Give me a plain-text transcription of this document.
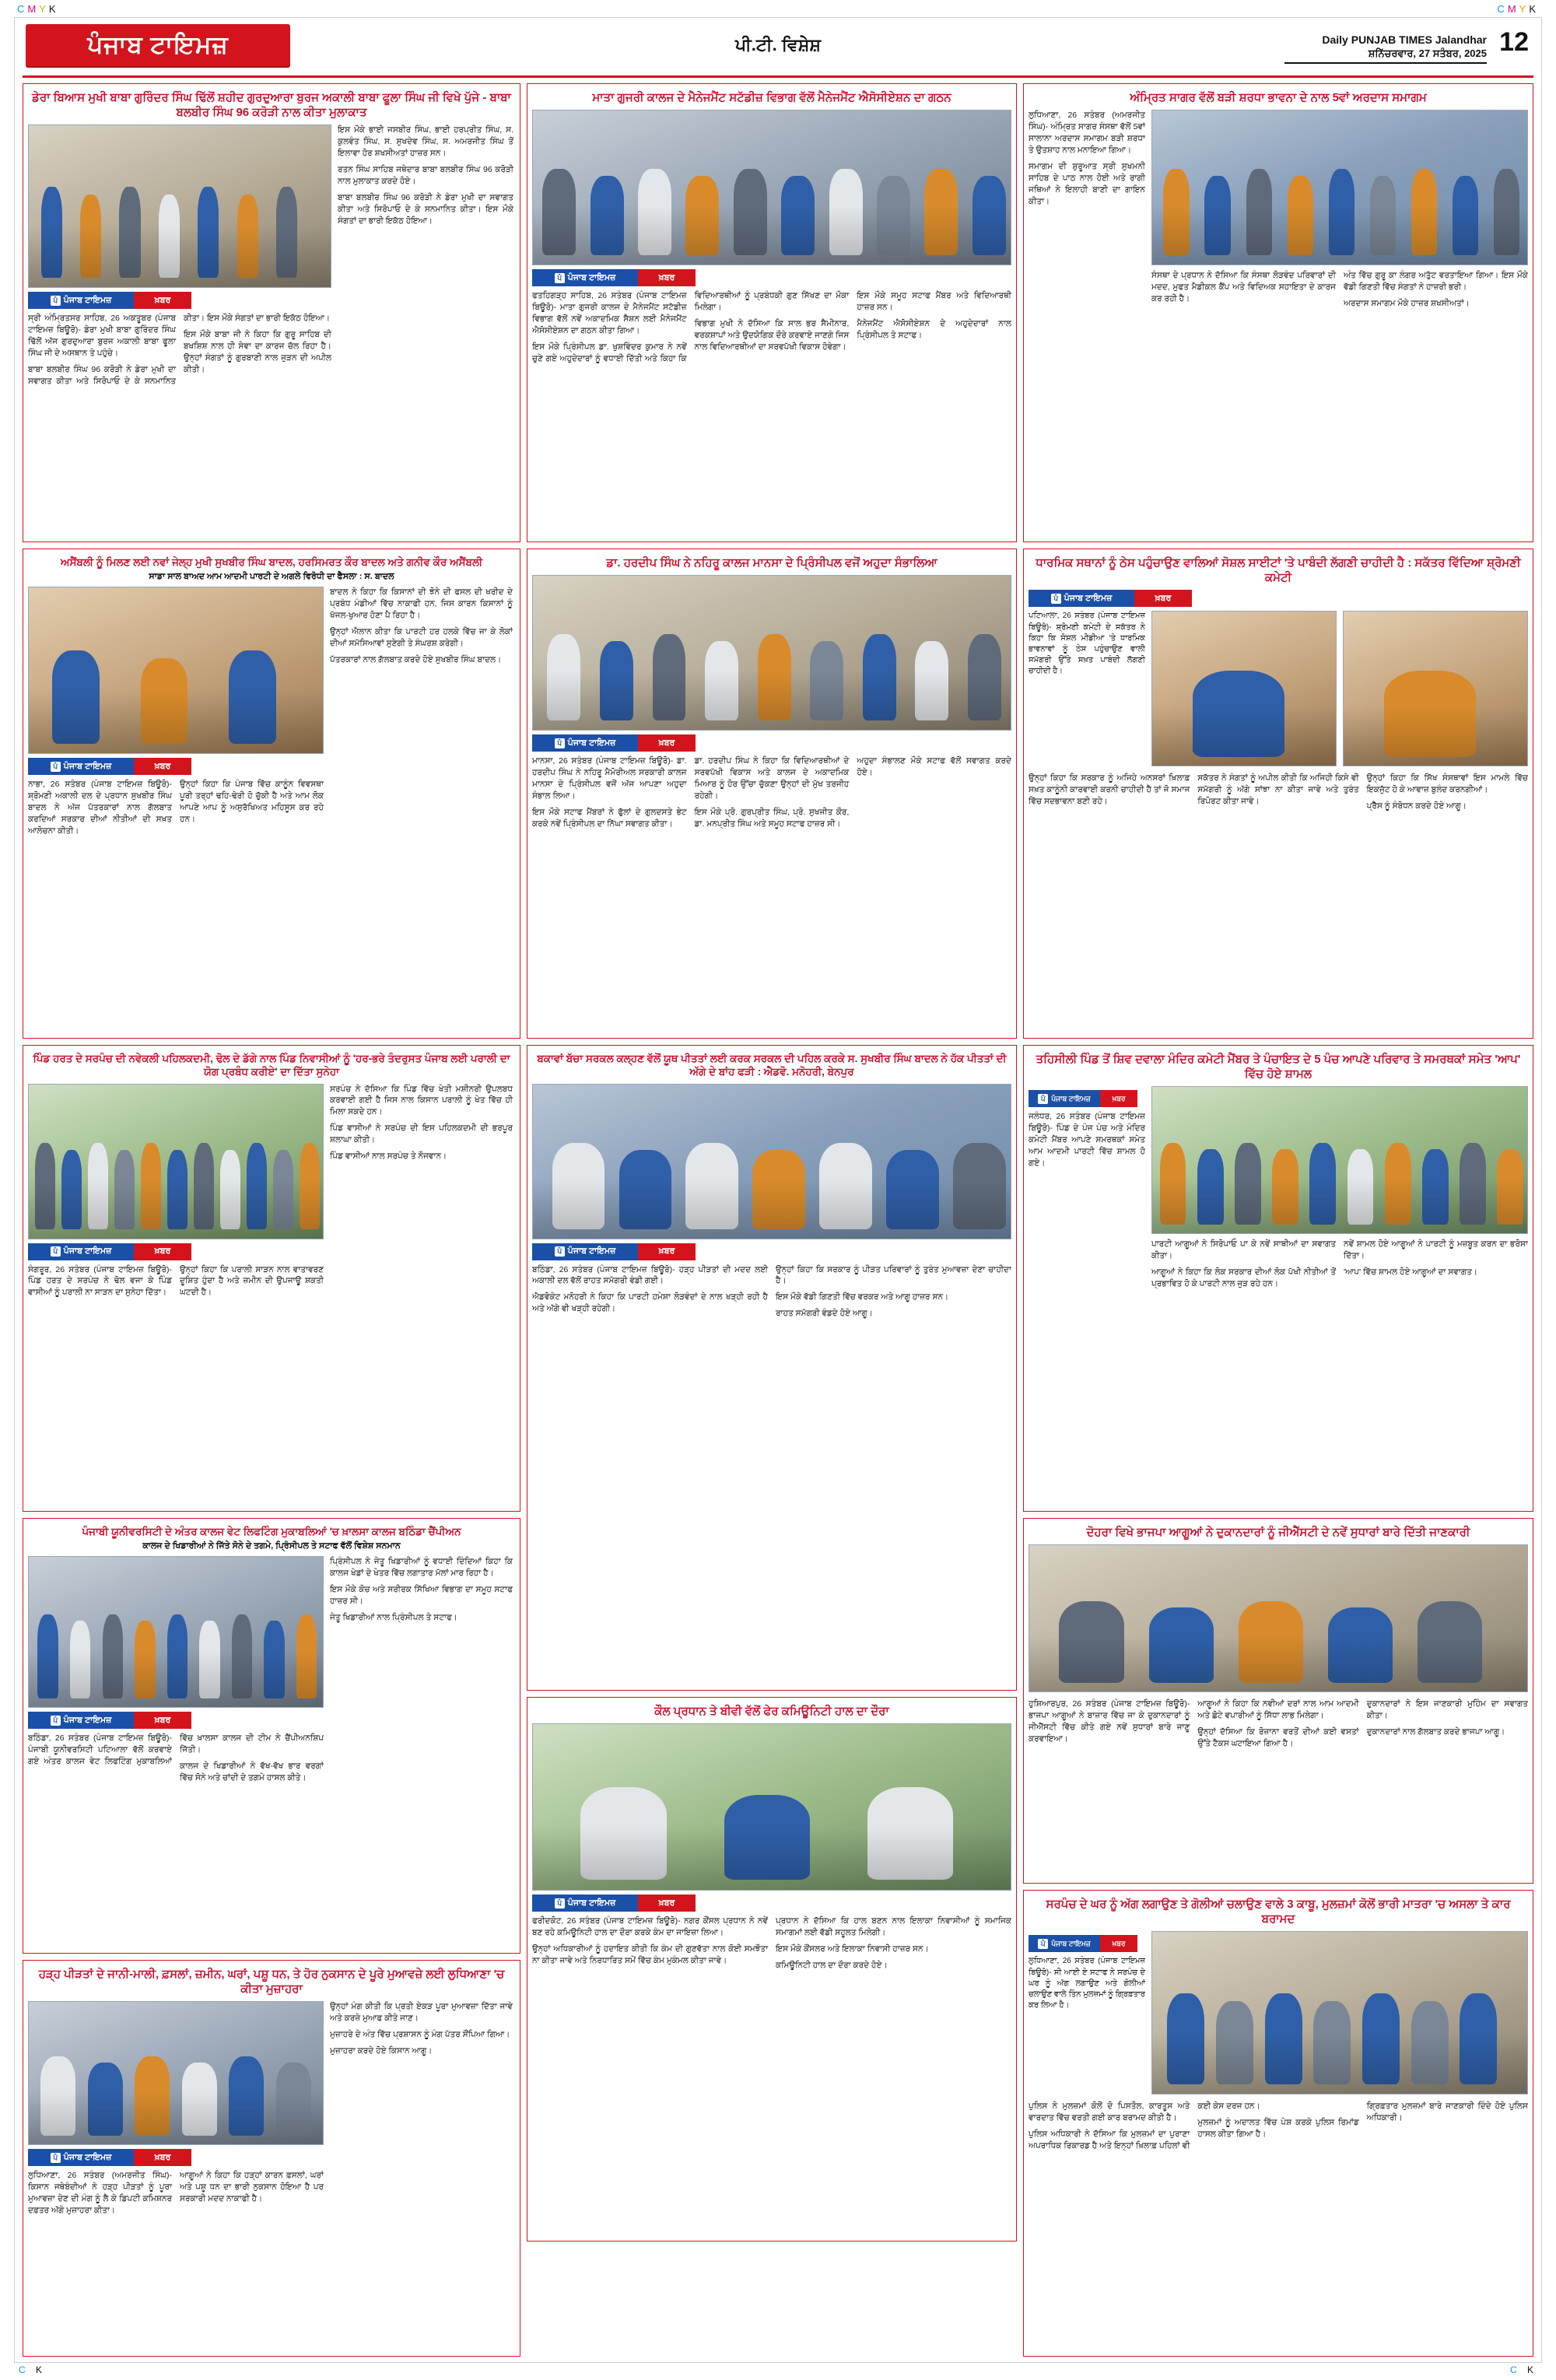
CMYK	CMYK
C K	C K
ਪੰਜਾਬ ਟਾਇਮਜ਼	ਪੀ.ਟੀ. ਵਿਸ਼ੇਸ਼	Daily PUNJAB TIMES Jalandhar
ਸ਼ਨਿੱਚਰਵਾਰ, 27 ਸਤੰਬਰ, 2025 12
ਡੇਰਾ ਬਿਆਸ ਮੁਖੀ ਬਾਬਾ ਗੁਰਿੰਦਰ ਸਿੰਘ ਢਿੱਲੋਂ ਸ਼ਹੀਦ ਗੁਰਦੁਆਰਾ ਬੁਰਜ ਅਕਾਲੀ ਬਾਬਾ ਫੂਲਾ ਸਿੰਘ ਜੀ ਵਿਖੇ ਪੁੱਜੇ - ਬਾਬਾ ਬਲਬੀਰ ਸਿੰਘ 96 ਕਰੋੜੀ ਨਾਲ ਕੀਤਾ ਮੁਲਾਕਾਤ
ਪੰ ਪੰਜਾਬ ਟਾਇਮਜ਼	ਖ਼ਬਰ

ਸ੍ਰੀ ਅੰਮ੍ਰਿਤਸਰ ਸਾਹਿਬ, 26 ਅਕਤੂਬਰ (ਪੰਜਾਬ ਟਾਇਮਜ਼ ਬਿਊਰੋ)- ਡੇਰਾ ਮੁਖੀ ਬਾਬਾ ਗੁਰਿੰਦਰ ਸਿੰਘ ਢਿੱਲੋਂ ਅੱਜ ਗੁਰਦੁਆਰਾ ਬੁਰਜ ਅਕਾਲੀ ਬਾਬਾ ਫੂਲਾ ਸਿੰਘ ਜੀ ਦੇ ਅਸਥਾਨ ਤੇ ਪਹੁੰਚੇ।

ਬਾਬਾ ਬਲਬੀਰ ਸਿੰਘ 96 ਕਰੋੜੀ ਨੇ ਡੇਰਾ ਮੁਖੀ ਦਾ ਸਵਾਗਤ ਕੀਤਾ ਅਤੇ ਸਿਰੋਪਾਓ ਦੇ ਕੇ ਸਨਮਾਨਿਤ ਕੀਤਾ। ਇਸ ਮੌਕੇ ਸੰਗਤਾਂ ਦਾ ਭਾਰੀ ਇਕੱਠ ਹੋਇਆ।

ਇਸ ਮੌਕੇ ਬਾਬਾ ਜੀ ਨੇ ਕਿਹਾ ਕਿ ਗੁਰੂ ਸਾਹਿਬ ਦੀ ਬਖਸ਼ਿਸ਼ ਨਾਲ ਹੀ ਸੇਵਾ ਦਾ ਕਾਰਜ ਚੱਲ ਰਿਹਾ ਹੈ। ਉਨ੍ਹਾਂ ਸੰਗਤਾਂ ਨੂੰ ਗੁਰਬਾਣੀ ਨਾਲ ਜੁੜਨ ਦੀ ਅਪੀਲ ਕੀਤੀ।

ਇਸ ਮੌਕੇ ਭਾਈ ਜਸਬੀਰ ਸਿੰਘ, ਭਾਈ ਹਰਪ੍ਰੀਤ ਸਿੰਘ, ਸ. ਕੁਲਵੰਤ ਸਿੰਘ, ਸ. ਸੁਖਦੇਵ ਸਿੰਘ, ਸ. ਅਮਰਜੀਤ ਸਿੰਘ ਤੋਂ ਇਲਾਵਾ ਹੋਰ ਸ਼ਖਸੀਅਤਾਂ ਹਾਜ਼ਰ ਸਨ।

ਰਤਨ ਸਿੰਘ ਸਾਹਿਬ ਜਥੇਦਾਰ ਬਾਬਾ ਬਲਬੀਰ ਸਿੰਘ 96 ਕਰੋੜੀ ਨਾਲ ਮੁਲਾਕਾਤ ਕਰਦੇ ਹੋਏ।

ਬਾਬਾ ਬਲਬੀਰ ਸਿੰਘ 96 ਕਰੋੜੀ ਨੇ ਡੇਰਾ ਮੁਖੀ ਦਾ ਸਵਾਗਤ ਕੀਤਾ ਅਤੇ ਸਿਰੋਪਾਓ ਦੇ ਕੇ ਸਨਮਾਨਿਤ ਕੀਤਾ। ਇਸ ਮੌਕੇ ਸੰਗਤਾਂ ਦਾ ਭਾਰੀ ਇਕੱਠ ਹੋਇਆ।

ਮਾਤਾ ਗੁਜਰੀ ਕਾਲਜ ਦੇ ਮੈਨੇਜਮੈਂਟ ਸਟੱਡੀਜ਼ ਵਿਭਾਗ ਵੱਲੋਂ ਮੈਨੇਜਮੈਂਟ ਐਸੋਸੀਏਸ਼ਨ ਦਾ ਗਠਨ
ਪੰ ਪੰਜਾਬ ਟਾਇਮਜ਼	ਖ਼ਬਰ

ਫਤਹਿਗੜ੍ਹ ਸਾਹਿਬ, 26 ਸਤੰਬਰ (ਪੰਜਾਬ ਟਾਇਮਜ਼ ਬਿਊਰੋ)- ਮਾਤਾ ਗੁਜਰੀ ਕਾਲਜ ਦੇ ਮੈਨੇਜਮੈਂਟ ਸਟੱਡੀਜ਼ ਵਿਭਾਗ ਵੱਲੋਂ ਨਵੇਂ ਅਕਾਦਮਿਕ ਸੈਸ਼ਨ ਲਈ ਮੈਨੇਜਮੈਂਟ ਐਸੋਸੀਏਸ਼ਨ ਦਾ ਗਠਨ ਕੀਤਾ ਗਿਆ।

ਇਸ ਮੌਕੇ ਪ੍ਰਿੰਸੀਪਲ ਡਾ. ਖੁਸ਼ਵਿੰਦਰ ਕੁਮਾਰ ਨੇ ਨਵੇਂ ਚੁਣੇ ਗਏ ਅਹੁਦੇਦਾਰਾਂ ਨੂੰ ਵਧਾਈ ਦਿੱਤੀ ਅਤੇ ਕਿਹਾ ਕਿ ਵਿਦਿਆਰਥੀਆਂ ਨੂੰ ਪ੍ਰਬੰਧਕੀ ਗੁਣ ਸਿੱਖਣ ਦਾ ਮੌਕਾ ਮਿਲੇਗਾ।

ਵਿਭਾਗ ਮੁਖੀ ਨੇ ਦੱਸਿਆ ਕਿ ਸਾਲ ਭਰ ਸੈਮੀਨਾਰ, ਵਰਕਸ਼ਾਪਾਂ ਅਤੇ ਉਦਯੋਗਿਕ ਦੌਰੇ ਕਰਵਾਏ ਜਾਣਗੇ ਜਿਸ ਨਾਲ ਵਿਦਿਆਰਥੀਆਂ ਦਾ ਸਰਵਪੱਖੀ ਵਿਕਾਸ ਹੋਵੇਗਾ।

ਇਸ ਮੌਕੇ ਸਮੂਹ ਸਟਾਫ ਮੈਂਬਰ ਅਤੇ ਵਿਦਿਆਰਥੀ ਹਾਜ਼ਰ ਸਨ।

ਮੈਨੇਜਮੈਂਟ ਐਸੋਸੀਏਸ਼ਨ ਦੇ ਅਹੁਦੇਦਾਰਾਂ ਨਾਲ ਪ੍ਰਿੰਸੀਪਲ ਤੇ ਸਟਾਫ।

ਅੰਮ੍ਰਿਤ ਸਾਗਰ ਵੱਲੋਂ ਬੜੀ ਸ਼ਰਧਾ ਭਾਵਨਾ ਦੇ ਨਾਲ 5ਵਾਂ ਅਰਦਾਸ ਸਮਾਗਮ

ਲੁਧਿਆਣਾ, 26 ਸਤੰਬਰ (ਅਮਰਜੀਤ ਸਿੰਘ)- ਅੰਮ੍ਰਿਤ ਸਾਗਰ ਸੰਸਥਾ ਵੱਲੋਂ 5ਵਾਂ ਸਾਲਾਨਾ ਅਰਦਾਸ ਸਮਾਗਮ ਬੜੀ ਸ਼ਰਧਾ ਤੇ ਉਤਸ਼ਾਹ ਨਾਲ ਮਨਾਇਆ ਗਿਆ।

ਸਮਾਗਮ ਦੀ ਸ਼ੁਰੂਆਤ ਸ੍ਰੀ ਸੁਖਮਨੀ ਸਾਹਿਬ ਦੇ ਪਾਠ ਨਾਲ ਹੋਈ ਅਤੇ ਰਾਗੀ ਜਥਿਆਂ ਨੇ ਇਲਾਹੀ ਬਾਣੀ ਦਾ ਗਾਇਨ ਕੀਤਾ।

ਸੰਸਥਾ ਦੇ ਪ੍ਰਧਾਨ ਨੇ ਦੱਸਿਆ ਕਿ ਸੰਸਥਾ ਲੋੜਵੰਦ ਪਰਿਵਾਰਾਂ ਦੀ ਮਦਦ, ਮੁਫਤ ਮੈਡੀਕਲ ਕੈਂਪ ਅਤੇ ਵਿਦਿਅਕ ਸਹਾਇਤਾ ਦੇ ਕਾਰਜ ਕਰ ਰਹੀ ਹੈ।

ਅੰਤ ਵਿੱਚ ਗੁਰੂ ਕਾ ਲੰਗਰ ਅਤੁੱਟ ਵਰਤਾਇਆ ਗਿਆ। ਇਸ ਮੌਕੇ ਵੱਡੀ ਗਿਣਤੀ ਵਿੱਚ ਸੰਗਤਾਂ ਨੇ ਹਾਜ਼ਰੀ ਭਰੀ।

ਅਰਦਾਸ ਸਮਾਗਮ ਮੌਕੇ ਹਾਜ਼ਰ ਸ਼ਖਸੀਅਤਾਂ।

ਅਸੈਂਬਲੀ ਨੂੰ ਮਿਲਣ ਲਈ ਨਵਾਂ ਜੇਲ੍ਹ ਮੁਖੀ ਸੁਖਬੀਰ ਸਿੰਘ ਬਾਦਲ, ਹਰਸਿਮਰਤ ਕੌਰ ਬਾਦਲ ਅਤੇ ਗਨੀਵ ਕੌਰ ਅਸੈਂਬਲੀ
ਸਾਡਾ ਸਾਲ ਬਾਅਦ ਆਮ ਆਦਮੀ ਪਾਰਟੀ ਦੇ ਅਗਲੇ ਵਿਰੋਧੀ ਦਾ ਫੈਸਲਾ : ਸ. ਬਾਦਲ
ਪੰ ਪੰਜਾਬ ਟਾਇਮਜ਼	ਖ਼ਬਰ

ਨਾਭਾ, 26 ਸਤੰਬਰ (ਪੰਜਾਬ ਟਾਇਮਜ਼ ਬਿਊਰੋ)- ਸ਼੍ਰੋਮਣੀ ਅਕਾਲੀ ਦਲ ਦੇ ਪ੍ਰਧਾਨ ਸੁਖਬੀਰ ਸਿੰਘ ਬਾਦਲ ਨੇ ਅੱਜ ਪੱਤਰਕਾਰਾਂ ਨਾਲ ਗੱਲਬਾਤ ਕਰਦਿਆਂ ਸਰਕਾਰ ਦੀਆਂ ਨੀਤੀਆਂ ਦੀ ਸਖ਼ਤ ਆਲੋਚਨਾ ਕੀਤੀ।

ਉਨ੍ਹਾਂ ਕਿਹਾ ਕਿ ਪੰਜਾਬ ਵਿੱਚ ਕਾਨੂੰਨ ਵਿਵਸਥਾ ਪੂਰੀ ਤਰ੍ਹਾਂ ਢਹਿ-ਢੇਰੀ ਹੋ ਚੁੱਕੀ ਹੈ ਅਤੇ ਆਮ ਲੋਕ ਆਪਣੇ ਆਪ ਨੂੰ ਅਸੁਰੱਖਿਅਤ ਮਹਿਸੂਸ ਕਰ ਰਹੇ ਹਨ।

ਬਾਦਲ ਨੇ ਕਿਹਾ ਕਿ ਕਿਸਾਨਾਂ ਦੀ ਝੋਨੇ ਦੀ ਫਸਲ ਦੀ ਖਰੀਦ ਦੇ ਪ੍ਰਬੰਧ ਮੰਡੀਆਂ ਵਿੱਚ ਨਾਕਾਫੀ ਹਨ, ਜਿਸ ਕਾਰਨ ਕਿਸਾਨਾਂ ਨੂੰ ਖੱਜਲ-ਖੁਆਰ ਹੋਣਾ ਪੈ ਰਿਹਾ ਹੈ।

ਉਨ੍ਹਾਂ ਐਲਾਨ ਕੀਤਾ ਕਿ ਪਾਰਟੀ ਹਰ ਹਲਕੇ ਵਿੱਚ ਜਾ ਕੇ ਲੋਕਾਂ ਦੀਆਂ ਸਮੱਸਿਆਵਾਂ ਸੁਣੇਗੀ ਤੇ ਸੰਘਰਸ਼ ਕਰੇਗੀ।

ਪੱਤਰਕਾਰਾਂ ਨਾਲ ਗੱਲਬਾਤ ਕਰਦੇ ਹੋਏ ਸੁਖਬੀਰ ਸਿੰਘ ਬਾਦਲ।

ਡਾ. ਹਰਦੀਪ ਸਿੰਘ ਨੇ ਨਹਿਰੂ ਕਾਲਜ ਮਾਨਸਾ ਦੇ ਪ੍ਰਿੰਸੀਪਲ ਵਜੋਂ ਅਹੁਦਾ ਸੰਭਾਲਿਆ
ਪੰ ਪੰਜਾਬ ਟਾਇਮਜ਼	ਖ਼ਬਰ

ਮਾਨਸਾ, 26 ਸਤੰਬਰ (ਪੰਜਾਬ ਟਾਇਮਜ਼ ਬਿਊਰੋ)- ਡਾ. ਹਰਦੀਪ ਸਿੰਘ ਨੇ ਨਹਿਰੂ ਮੈਮੋਰੀਅਲ ਸਰਕਾਰੀ ਕਾਲਜ ਮਾਨਸਾ ਦੇ ਪ੍ਰਿੰਸੀਪਲ ਵਜੋਂ ਅੱਜ ਆਪਣਾ ਅਹੁਦਾ ਸੰਭਾਲ ਲਿਆ।

ਇਸ ਮੌਕੇ ਸਟਾਫ ਮੈਂਬਰਾਂ ਨੇ ਫੁੱਲਾਂ ਦੇ ਗੁਲਦਸਤੇ ਭੇਟ ਕਰਕੇ ਨਵੇਂ ਪ੍ਰਿੰਸੀਪਲ ਦਾ ਨਿੱਘਾ ਸਵਾਗਤ ਕੀਤਾ।

ਡਾ. ਹਰਦੀਪ ਸਿੰਘ ਨੇ ਕਿਹਾ ਕਿ ਵਿਦਿਆਰਥੀਆਂ ਦੇ ਸਰਵਪੱਖੀ ਵਿਕਾਸ ਅਤੇ ਕਾਲਜ ਦੇ ਅਕਾਦਮਿਕ ਮਿਆਰ ਨੂੰ ਹੋਰ ਉੱਚਾ ਚੁੱਕਣਾ ਉਨ੍ਹਾਂ ਦੀ ਮੁੱਖ ਤਰਜੀਹ ਰਹੇਗੀ।

ਇਸ ਮੌਕੇ ਪ੍ਰੋ. ਗੁਰਪ੍ਰੀਤ ਸਿੰਘ, ਪ੍ਰੋ. ਸੁਖਜੀਤ ਕੌਰ, ਡਾ. ਮਨਪ੍ਰੀਤ ਸਿੰਘ ਅਤੇ ਸਮੂਹ ਸਟਾਫ ਹਾਜ਼ਰ ਸੀ।

ਅਹੁਦਾ ਸੰਭਾਲਣ ਮੌਕੇ ਸਟਾਫ ਵੱਲੋਂ ਸਵਾਗਤ ਕਰਦੇ ਹੋਏ।

ਧਾਰਮਿਕ ਸਥਾਨਾਂ ਨੂੰ ਠੇਸ ਪਹੁੰਚਾਉਣ ਵਾਲਿਆਂ ਸੋਸ਼ਲ ਸਾਈਟਾਂ 'ਤੇ ਪਾਬੰਦੀ ਲੱਗਣੀ ਚਾਹੀਦੀ ਹੈ : ਸਕੱਤਰ ਵਿੱਦਿਆ ਸ਼੍ਰੋਮਣੀ ਕਮੇਟੀ
ਪੰ ਪੰਜਾਬ ਟਾਇਮਜ਼	ਖ਼ਬਰ

ਪਟਿਆਲਾ, 26 ਸਤੰਬਰ (ਪੰਜਾਬ ਟਾਇਮਜ਼ ਬਿਊਰੋ)- ਸ਼੍ਰੋਮਣੀ ਕਮੇਟੀ ਦੇ ਸਕੱਤਰ ਨੇ ਕਿਹਾ ਕਿ ਸੋਸ਼ਲ ਮੀਡੀਆ 'ਤੇ ਧਾਰਮਿਕ ਭਾਵਨਾਵਾਂ ਨੂੰ ਠੇਸ ਪਹੁੰਚਾਉਣ ਵਾਲੀ ਸਮੱਗਰੀ ਉੱਤੇ ਸਖ਼ਤ ਪਾਬੰਦੀ ਲੱਗਣੀ ਚਾਹੀਦੀ ਹੈ।

ਉਨ੍ਹਾਂ ਕਿਹਾ ਕਿ ਸਰਕਾਰ ਨੂੰ ਅਜਿਹੇ ਅਨਸਰਾਂ ਖ਼ਿਲਾਫ਼ ਸਖ਼ਤ ਕਾਨੂੰਨੀ ਕਾਰਵਾਈ ਕਰਨੀ ਚਾਹੀਦੀ ਹੈ ਤਾਂ ਜੋ ਸਮਾਜ ਵਿੱਚ ਸਦਭਾਵਨਾ ਬਣੀ ਰਹੇ।

ਸਕੱਤਰ ਨੇ ਸੰਗਤਾਂ ਨੂੰ ਅਪੀਲ ਕੀਤੀ ਕਿ ਅਜਿਹੀ ਕਿਸੇ ਵੀ ਸਮੱਗਰੀ ਨੂੰ ਅੱਗੇ ਸਾਂਝਾ ਨਾ ਕੀਤਾ ਜਾਵੇ ਅਤੇ ਤੁਰੰਤ ਰਿਪੋਰਟ ਕੀਤਾ ਜਾਵੇ।

ਉਨ੍ਹਾਂ ਕਿਹਾ ਕਿ ਸਿੱਖ ਸੰਸਥਾਵਾਂ ਇਸ ਮਾਮਲੇ ਵਿੱਚ ਇਕਜੁੱਟ ਹੋ ਕੇ ਆਵਾਜ਼ ਬੁਲੰਦ ਕਰਨਗੀਆਂ।

ਪ੍ਰੈੱਸ ਨੂੰ ਸੰਬੋਧਨ ਕਰਦੇ ਹੋਏ ਆਗੂ।

ਪਿੰਡ ਹਰਤ ਦੇ ਸਰਪੰਚ ਦੀ ਨਵੇਕਲੀ ਪਹਿਲਕਦਮੀ, ਢੋਲ ਦੇ ਡੱਗੇ ਨਾਲ ਪਿੰਡ ਨਿਵਾਸੀਆਂ ਨੂੰ 'ਹਰ-ਭਰੇ ਤੰਦਰੁਸਤ ਪੰਜਾਬ ਲਈ ਪਰਾਲੀ ਦਾ ਯੋਗ ਪ੍ਰਬੰਧ ਕਰੀਏ' ਦਾ ਦਿੱਤਾ ਸੁਨੇਹਾ
ਪੰ ਪੰਜਾਬ ਟਾਇਮਜ਼	ਖ਼ਬਰ

ਸੰਗਰੂਰ, 26 ਸਤੰਬਰ (ਪੰਜਾਬ ਟਾਇਮਜ਼ ਬਿਊਰੋ)- ਪਿੰਡ ਹਰਤ ਦੇ ਸਰਪੰਚ ਨੇ ਢੋਲ ਵਜਾ ਕੇ ਪਿੰਡ ਵਾਸੀਆਂ ਨੂੰ ਪਰਾਲੀ ਨਾ ਸਾੜਨ ਦਾ ਸੁਨੇਹਾ ਦਿੱਤਾ।

ਉਨ੍ਹਾਂ ਕਿਹਾ ਕਿ ਪਰਾਲੀ ਸਾੜਨ ਨਾਲ ਵਾਤਾਵਰਣ ਦੂਸ਼ਿਤ ਹੁੰਦਾ ਹੈ ਅਤੇ ਜ਼ਮੀਨ ਦੀ ਉਪਜਾਊ ਸ਼ਕਤੀ ਘਟਦੀ ਹੈ।

ਸਰਪੰਚ ਨੇ ਦੱਸਿਆ ਕਿ ਪਿੰਡ ਵਿੱਚ ਖੇਤੀ ਮਸ਼ੀਨਰੀ ਉਪਲਬਧ ਕਰਵਾਈ ਗਈ ਹੈ ਜਿਸ ਨਾਲ ਕਿਸਾਨ ਪਰਾਲੀ ਨੂੰ ਖੇਤ ਵਿੱਚ ਹੀ ਮਿਲਾ ਸਕਦੇ ਹਨ।

ਪਿੰਡ ਵਾਸੀਆਂ ਨੇ ਸਰਪੰਚ ਦੀ ਇਸ ਪਹਿਲਕਦਮੀ ਦੀ ਭਰਪੂਰ ਸ਼ਲਾਘਾ ਕੀਤੀ।

ਪਿੰਡ ਵਾਸੀਆਂ ਨਾਲ ਸਰਪੰਚ ਤੇ ਨੌਜਵਾਨ।

ਬਕਾਵਾਂ ਬੱਚਾ ਸਰਕਲ ਕਲ੍ਹਣ ਵੱਲੋਂ ਯੂਥ ਪੀਤਤਾਂ ਲਈ ਕਰਕ ਸਰਕਲ ਦੀ ਪਹਿਲ ਕਰਕੇ ਸ. ਸੁਖਬੀਰ ਸਿੰਘ ਬਾਦਲ ਨੇ ਹੱਕ ਪੀਤਤਾਂ ਦੀ ਅੱਗੇ ਦੇ ਬਾਂਹ ਫੜੀ : ਐਡਵੋ. ਮਨੋਹਰੀ, ਬੇਨਪੁਰ
ਪੰ ਪੰਜਾਬ ਟਾਇਮਜ਼	ਖ਼ਬਰ

ਬਠਿੰਡਾ, 26 ਸਤੰਬਰ (ਪੰਜਾਬ ਟਾਇਮਜ਼ ਬਿਊਰੋ)- ਹੜ੍ਹ ਪੀੜਤਾਂ ਦੀ ਮਦਦ ਲਈ ਅਕਾਲੀ ਦਲ ਵੱਲੋਂ ਰਾਹਤ ਸਮੱਗਰੀ ਵੰਡੀ ਗਈ।

ਐਡਵੋਕੇਟ ਮਨੋਹਰੀ ਨੇ ਕਿਹਾ ਕਿ ਪਾਰਟੀ ਹਮੇਸ਼ਾ ਲੋੜਵੰਦਾਂ ਦੇ ਨਾਲ ਖੜ੍ਹੀ ਰਹੀ ਹੈ ਅਤੇ ਅੱਗੇ ਵੀ ਖੜ੍ਹੀ ਰਹੇਗੀ।

ਉਨ੍ਹਾਂ ਕਿਹਾ ਕਿ ਸਰਕਾਰ ਨੂੰ ਪੀੜਤ ਪਰਿਵਾਰਾਂ ਨੂੰ ਤੁਰੰਤ ਮੁਆਵਜ਼ਾ ਦੇਣਾ ਚਾਹੀਦਾ ਹੈ।

ਇਸ ਮੌਕੇ ਵੱਡੀ ਗਿਣਤੀ ਵਿੱਚ ਵਰਕਰ ਅਤੇ ਆਗੂ ਹਾਜ਼ਰ ਸਨ।

ਰਾਹਤ ਸਮੱਗਰੀ ਵੰਡਦੇ ਹੋਏ ਆਗੂ।

ਤਹਿਸੀਲੀ ਪਿੰਡ ਤੋਂ ਸ਼ਿਵ ਦਵਾਲਾ ਮੰਦਿਰ ਕਮੇਟੀ ਮੈਂਬਰ ਤੇ ਪੰਚਾਇਤ ਦੇ 5 ਪੰਚ ਆਪਣੇ ਪਰਿਵਾਰ ਤੇ ਸਮਰਥਕਾਂ ਸਮੇਤ 'ਆਪ' ਵਿੱਚ ਹੋਏ ਸ਼ਾਮਲ
ਪੰ ਪੰਜਾਬ ਟਾਇਮਜ਼	ਖ਼ਬਰ

ਜਲੰਧਰ, 26 ਸਤੰਬਰ (ਪੰਜਾਬ ਟਾਇਮਜ਼ ਬਿਊਰੋ)- ਪਿੰਡ ਦੇ ਪੰਜ ਪੰਚ ਅਤੇ ਮੰਦਿਰ ਕਮੇਟੀ ਮੈਂਬਰ ਆਪਣੇ ਸਮਰਥਕਾਂ ਸਮੇਤ ਆਮ ਆਦਮੀ ਪਾਰਟੀ ਵਿੱਚ ਸ਼ਾਮਲ ਹੋ ਗਏ।

ਪਾਰਟੀ ਆਗੂਆਂ ਨੇ ਸਿਰੋਪਾਓ ਪਾ ਕੇ ਨਵੇਂ ਸਾਥੀਆਂ ਦਾ ਸਵਾਗਤ ਕੀਤਾ।

ਆਗੂਆਂ ਨੇ ਕਿਹਾ ਕਿ ਲੋਕ ਸਰਕਾਰ ਦੀਆਂ ਲੋਕ ਪੱਖੀ ਨੀਤੀਆਂ ਤੋਂ ਪ੍ਰਭਾਵਿਤ ਹੋ ਕੇ ਪਾਰਟੀ ਨਾਲ ਜੁੜ ਰਹੇ ਹਨ।

ਨਵੇਂ ਸ਼ਾਮਲ ਹੋਏ ਆਗੂਆਂ ਨੇ ਪਾਰਟੀ ਨੂੰ ਮਜ਼ਬੂਤ ਕਰਨ ਦਾ ਭਰੋਸਾ ਦਿੱਤਾ।

'ਆਪ' ਵਿੱਚ ਸ਼ਾਮਲ ਹੋਏ ਆਗੂਆਂ ਦਾ ਸਵਾਗਤ।

ਪੰਜਾਬੀ ਯੂਨੀਵਰਸਿਟੀ ਦੇ ਅੰਤਰ ਕਾਲਜ ਵੇਟ ਲਿਫਟਿੰਗ ਮੁਕਾਬਲਿਆਂ 'ਚ ਖ਼ਾਲਸਾ ਕਾਲਜ ਬਠਿੰਡਾ ਚੈਂਪੀਅਨ
ਕਾਲਜ ਦੇ ਖਿਡਾਰੀਆਂ ਨੇ ਜਿੱਤੇ ਸੋਨੇ ਦੇ ਤਗਮੇ, ਪ੍ਰਿੰਸੀਪਲ ਤੇ ਸਟਾਫ ਵੱਲੋਂ ਵਿਸ਼ੇਸ਼ ਸਨਮਾਨ
ਪੰ ਪੰਜਾਬ ਟਾਇਮਜ਼	ਖ਼ਬਰ

ਬਠਿੰਡਾ, 26 ਸਤੰਬਰ (ਪੰਜਾਬ ਟਾਇਮਜ਼ ਬਿਊਰੋ)- ਪੰਜਾਬੀ ਯੂਨੀਵਰਸਿਟੀ ਪਟਿਆਲਾ ਵੱਲੋਂ ਕਰਵਾਏ ਗਏ ਅੰਤਰ ਕਾਲਜ ਵੇਟ ਲਿਫਟਿੰਗ ਮੁਕਾਬਲਿਆਂ ਵਿੱਚ ਖ਼ਾਲਸਾ ਕਾਲਜ ਦੀ ਟੀਮ ਨੇ ਚੈਂਪੀਅਨਸ਼ਿਪ ਜਿੱਤੀ।

ਕਾਲਜ ਦੇ ਖਿਡਾਰੀਆਂ ਨੇ ਵੱਖ-ਵੱਖ ਭਾਰ ਵਰਗਾਂ ਵਿੱਚ ਸੋਨੇ ਅਤੇ ਚਾਂਦੀ ਦੇ ਤਗਮੇ ਹਾਸਲ ਕੀਤੇ।

ਪ੍ਰਿੰਸੀਪਲ ਨੇ ਜੇਤੂ ਖਿਡਾਰੀਆਂ ਨੂੰ ਵਧਾਈ ਦਿੰਦਿਆਂ ਕਿਹਾ ਕਿ ਕਾਲਜ ਖੇਡਾਂ ਦੇ ਖੇਤਰ ਵਿੱਚ ਲਗਾਤਾਰ ਮੱਲਾਂ ਮਾਰ ਰਿਹਾ ਹੈ।

ਇਸ ਮੌਕੇ ਕੋਚ ਅਤੇ ਸਰੀਰਕ ਸਿੱਖਿਆ ਵਿਭਾਗ ਦਾ ਸਮੂਹ ਸਟਾਫ ਹਾਜ਼ਰ ਸੀ।

ਜੇਤੂ ਖਿਡਾਰੀਆਂ ਨਾਲ ਪ੍ਰਿੰਸੀਪਲ ਤੇ ਸਟਾਫ।

ਦੋਹਰਾ ਵਿਖੇ ਭਾਜਪਾ ਆਗੂਆਂ ਨੇ ਦੁਕਾਨਦਾਰਾਂ ਨੂੰ ਜੀਐੱਸਟੀ ਦੇ ਨਵੇਂ ਸੁਧਾਰਾਂ ਬਾਰੇ ਦਿੱਤੀ ਜਾਣਕਾਰੀ

ਹੁਸ਼ਿਆਰਪੁਰ, 26 ਸਤੰਬਰ (ਪੰਜਾਬ ਟਾਇਮਜ਼ ਬਿਊਰੋ)- ਭਾਜਪਾ ਆਗੂਆਂ ਨੇ ਬਾਜ਼ਾਰ ਵਿੱਚ ਜਾ ਕੇ ਦੁਕਾਨਦਾਰਾਂ ਨੂੰ ਜੀਐੱਸਟੀ ਵਿੱਚ ਕੀਤੇ ਗਏ ਨਵੇਂ ਸੁਧਾਰਾਂ ਬਾਰੇ ਜਾਣੂ ਕਰਵਾਇਆ।

ਆਗੂਆਂ ਨੇ ਕਿਹਾ ਕਿ ਨਵੀਆਂ ਦਰਾਂ ਨਾਲ ਆਮ ਆਦਮੀ ਅਤੇ ਛੋਟੇ ਵਪਾਰੀਆਂ ਨੂੰ ਸਿੱਧਾ ਲਾਭ ਮਿਲੇਗਾ।

ਉਨ੍ਹਾਂ ਦੱਸਿਆ ਕਿ ਰੋਜ਼ਾਨਾ ਵਰਤੋਂ ਦੀਆਂ ਕਈ ਵਸਤਾਂ ਉੱਤੇ ਟੈਕਸ ਘਟਾਇਆ ਗਿਆ ਹੈ।

ਦੁਕਾਨਦਾਰਾਂ ਨੇ ਇਸ ਜਾਣਕਾਰੀ ਮੁਹਿੰਮ ਦਾ ਸਵਾਗਤ ਕੀਤਾ।

ਦੁਕਾਨਦਾਰਾਂ ਨਾਲ ਗੱਲਬਾਤ ਕਰਦੇ ਭਾਜਪਾ ਆਗੂ।

ਕੌਲ ਪ੍ਰਧਾਨ ਤੇ ਬੀਵੀ ਵੱਲੋਂ ਫੇਰ ਕਮਿਊਨਿਟੀ ਹਾਲ ਦਾ ਦੌਰਾ
ਪੰ ਪੰਜਾਬ ਟਾਇਮਜ਼	ਖ਼ਬਰ

ਫਰੀਦਕੋਟ, 26 ਸਤੰਬਰ (ਪੰਜਾਬ ਟਾਇਮਜ਼ ਬਿਊਰੋ)- ਨਗਰ ਕੌਂਸਲ ਪ੍ਰਧਾਨ ਨੇ ਨਵੇਂ ਬਣ ਰਹੇ ਕਮਿਊਨਿਟੀ ਹਾਲ ਦਾ ਦੌਰਾ ਕਰਕੇ ਕੰਮ ਦਾ ਜਾਇਜ਼ਾ ਲਿਆ।

ਉਨ੍ਹਾਂ ਅਧਿਕਾਰੀਆਂ ਨੂੰ ਹਦਾਇਤ ਕੀਤੀ ਕਿ ਕੰਮ ਦੀ ਗੁਣਵੱਤਾ ਨਾਲ ਕੋਈ ਸਮਝੌਤਾ ਨਾ ਕੀਤਾ ਜਾਵੇ ਅਤੇ ਨਿਰਧਾਰਿਤ ਸਮੇਂ ਵਿੱਚ ਕੰਮ ਮੁਕੰਮਲ ਕੀਤਾ ਜਾਵੇ।

ਪ੍ਰਧਾਨ ਨੇ ਦੱਸਿਆ ਕਿ ਹਾਲ ਬਣਨ ਨਾਲ ਇਲਾਕਾ ਨਿਵਾਸੀਆਂ ਨੂੰ ਸਮਾਜਿਕ ਸਮਾਗਮਾਂ ਲਈ ਵੱਡੀ ਸਹੂਲਤ ਮਿਲੇਗੀ।

ਇਸ ਮੌਕੇ ਕੌਂਸਲਰ ਅਤੇ ਇਲਾਕਾ ਨਿਵਾਸੀ ਹਾਜ਼ਰ ਸਨ।

ਕਮਿਊਨਿਟੀ ਹਾਲ ਦਾ ਦੌਰਾ ਕਰਦੇ ਹੋਏ।

ਹੜ੍ਹ ਪੀੜਤਾਂ ਦੇ ਜਾਨੀ-ਮਾਲੀ, ਫ਼ਸਲਾਂ, ਜ਼ਮੀਨ, ਘਰਾਂ, ਪਸ਼ੂ ਧਨ, ਤੇ ਹੋਰ ਨੁਕਸਾਨ ਦੇ ਪੂਰੇ ਮੁਆਵਜ਼ੇ ਲਈ ਲੁਧਿਆਣਾ 'ਚ ਕੀਤਾ ਮੁਜ਼ਾਹਰਾ
ਪੰ ਪੰਜਾਬ ਟਾਇਮਜ਼	ਖ਼ਬਰ

ਲੁਧਿਆਣਾ, 26 ਸਤੰਬਰ (ਅਮਰਜੀਤ ਸਿੰਘ)- ਕਿਸਾਨ ਜਥੇਬੰਦੀਆਂ ਨੇ ਹੜ੍ਹ ਪੀੜਤਾਂ ਨੂੰ ਪੂਰਾ ਮੁਆਵਜ਼ਾ ਦੇਣ ਦੀ ਮੰਗ ਨੂੰ ਲੈ ਕੇ ਡਿਪਟੀ ਕਮਿਸ਼ਨਰ ਦਫ਼ਤਰ ਅੱਗੇ ਮੁਜ਼ਾਹਰਾ ਕੀਤਾ।

ਆਗੂਆਂ ਨੇ ਕਿਹਾ ਕਿ ਹੜ੍ਹਾਂ ਕਾਰਨ ਫ਼ਸਲਾਂ, ਘਰਾਂ ਅਤੇ ਪਸ਼ੂ ਧਨ ਦਾ ਭਾਰੀ ਨੁਕਸਾਨ ਹੋਇਆ ਹੈ ਪਰ ਸਰਕਾਰੀ ਮਦਦ ਨਾਕਾਫੀ ਹੈ।

ਉਨ੍ਹਾਂ ਮੰਗ ਕੀਤੀ ਕਿ ਪ੍ਰਤੀ ਏਕੜ ਪੂਰਾ ਮੁਆਵਜ਼ਾ ਦਿੱਤਾ ਜਾਵੇ ਅਤੇ ਕਰਜ਼ੇ ਮੁਆਫ ਕੀਤੇ ਜਾਣ।

ਮੁਜ਼ਾਹਰੇ ਦੇ ਅੰਤ ਵਿੱਚ ਪ੍ਰਸ਼ਾਸਨ ਨੂੰ ਮੰਗ ਪੱਤਰ ਸੌਂਪਿਆ ਗਿਆ।

ਮੁਜ਼ਾਹਰਾ ਕਰਦੇ ਹੋਏ ਕਿਸਾਨ ਆਗੂ।

ਸਰਪੰਚ ਦੇ ਘਰ ਨੂੰ ਅੱਗ ਲਗਾਉਣ ਤੇ ਗੋਲੀਆਂ ਚਲਾਉਣ ਵਾਲੇ 3 ਕਾਬੂ, ਮੁਲਜ਼ਮਾਂ ਕੋਲੋਂ ਭਾਰੀ ਮਾਤਰਾ 'ਚ ਅਸਲਾ ਤੇ ਕਾਰ ਬਰਾਮਦ
ਪੰ ਪੰਜਾਬ ਟਾਇਮਜ਼	ਖ਼ਬਰ

ਲੁਧਿਆਣਾ, 26 ਸਤੰਬਰ (ਪੰਜਾਬ ਟਾਇਮਜ਼ ਬਿਊਰੋ)- ਸੀ ਆਈ ਏ ਸਟਾਫ ਨੇ ਸਰਪੰਚ ਦੇ ਘਰ ਨੂੰ ਅੱਗ ਲਗਾਉਣ ਅਤੇ ਗੋਲੀਆਂ ਚਲਾਉਣ ਵਾਲੇ ਤਿੰਨ ਮੁਲਜ਼ਮਾਂ ਨੂੰ ਗ੍ਰਿਫ਼ਤਾਰ ਕਰ ਲਿਆ ਹੈ।

ਪੁਲਿਸ ਨੇ ਮੁਲਜ਼ਮਾਂ ਕੋਲੋਂ ਦੋ ਪਿਸਤੌਲ, ਕਾਰਤੂਸ ਅਤੇ ਵਾਰਦਾਤ ਵਿੱਚ ਵਰਤੀ ਗਈ ਕਾਰ ਬਰਾਮਦ ਕੀਤੀ ਹੈ।

ਪੁਲਿਸ ਅਧਿਕਾਰੀ ਨੇ ਦੱਸਿਆ ਕਿ ਮੁਲਜ਼ਮਾਂ ਦਾ ਪੁਰਾਣਾ ਅਪਰਾਧਿਕ ਰਿਕਾਰਡ ਹੈ ਅਤੇ ਇਨ੍ਹਾਂ ਖ਼ਿਲਾਫ਼ ਪਹਿਲਾਂ ਵੀ ਕਈ ਕੇਸ ਦਰਜ ਹਨ।

ਮੁਲਜ਼ਮਾਂ ਨੂੰ ਅਦਾਲਤ ਵਿੱਚ ਪੇਸ਼ ਕਰਕੇ ਪੁਲਿਸ ਰਿਮਾਂਡ ਹਾਸਲ ਕੀਤਾ ਗਿਆ ਹੈ।

ਗ੍ਰਿਫ਼ਤਾਰ ਮੁਲਜ਼ਮਾਂ ਬਾਰੇ ਜਾਣਕਾਰੀ ਦਿੰਦੇ ਹੋਏ ਪੁਲਿਸ ਅਧਿਕਾਰੀ।
